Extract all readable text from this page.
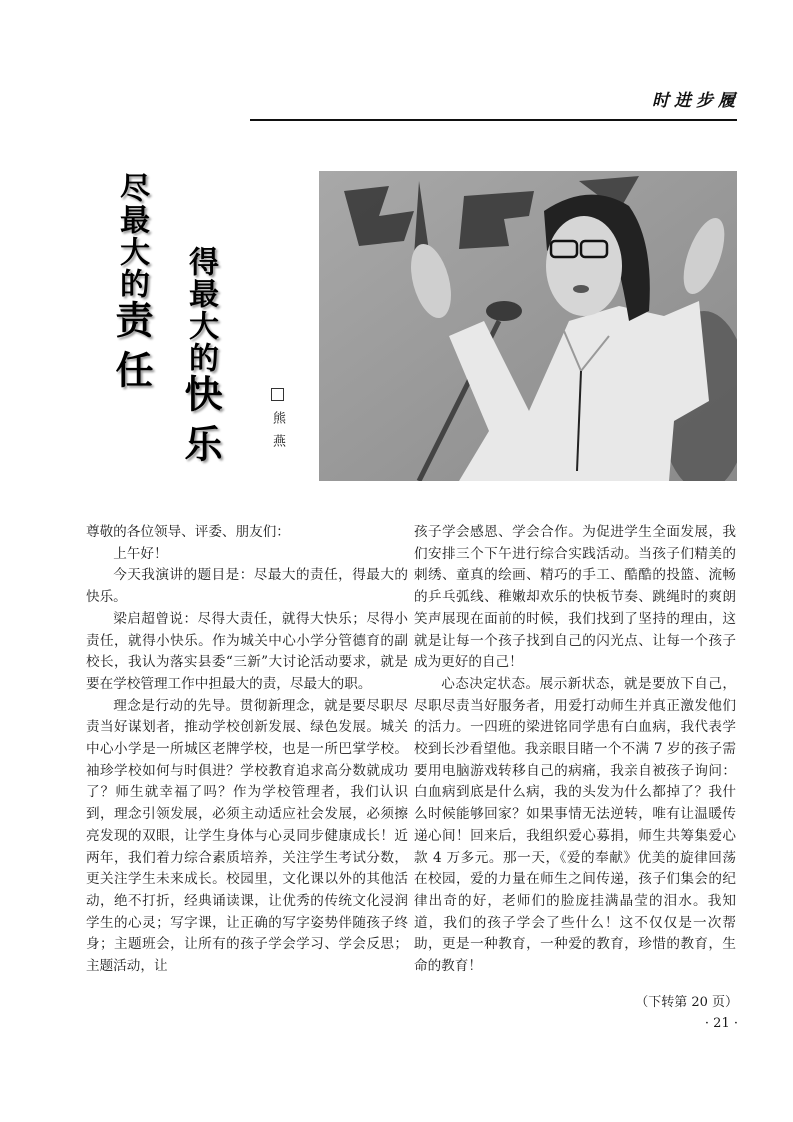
时进步履
尽最大的责任 得最大的快乐	熊燕

尊敬的各位领导、评委、朋友们：

上午好！

今天我演讲的题目是：尽最大的责任，得最大的快乐。

梁启超曾说：尽得大责任，就得大快乐；尽得小责任，就得小快乐。作为城关中心小学分管德育的副校长，我认为落实县委“三新”大讨论活动要求，就是要在学校管理工作中担最大的责，尽最大的职。

理念是行动的先导。贯彻新理念，就是要尽职尽责当好谋划者，推动学校创新发展、绿色发展。城关中心小学是一所城区老牌学校，也是一所巴掌学校。袖珍学校如何与时俱进？学校教育追求高分数就成功了？师生就幸福了吗？作为学校管理者，我们认识到，理念引领发展，必须主动适应社会发展，必须擦亮发现的双眼，让学生身体与心灵同步健康成长！近两年，我们着力综合素质培养，关注学生考试分数，更关注学生未来成长。校园里，文化课以外的其他活动，绝不打折，经典诵读课，让优秀的传统文化浸润学生的心灵；写字课，让正确的写字姿势伴随孩子终身；主题班会，让所有的孩子学会学习、学会反思；主题活动，让

孩子学会感恩、学会合作。为促进学生全面发展，我们安排三个下午进行综合实践活动。当孩子们精美的刺绣、童真的绘画、精巧的手工、酷酷的投篮、流畅的乒乓弧线、稚嫩却欢乐的快板节奏、跳绳时的爽朗笑声展现在面前的时候，我们找到了坚持的理由，这就是让每一个孩子找到自己的闪光点、让每一个孩子成为更好的自己！

心态决定状态。展示新状态，就是要放下自己，尽职尽责当好服务者，用爱打动师生并真正激发他们的活力。一四班的梁进铭同学患有白血病，我代表学校到长沙看望他。我亲眼目睹一个不满 7 岁的孩子需要用电脑游戏转移自己的病痛，我亲自被孩子询问：白血病到底是什么病，我的头发为什么都掉了？我什么时候能够回家？如果事情无法逆转，唯有让温暖传递心间！回来后，我组织爱心募捐，师生共筹集爱心款 4 万多元。那一天，《爱的奉献》优美的旋律回荡在校园，爱的力量在师生之间传递，孩子们集会的纪律出奇的好，老师们的脸庞挂满晶莹的泪水。我知道，我们的孩子学会了些什么！这不仅仅是一次帮助，更是一种教育，一种爱的教育，珍惜的教育，生命的教育！

（下转第 20 页）
· 21 ·
